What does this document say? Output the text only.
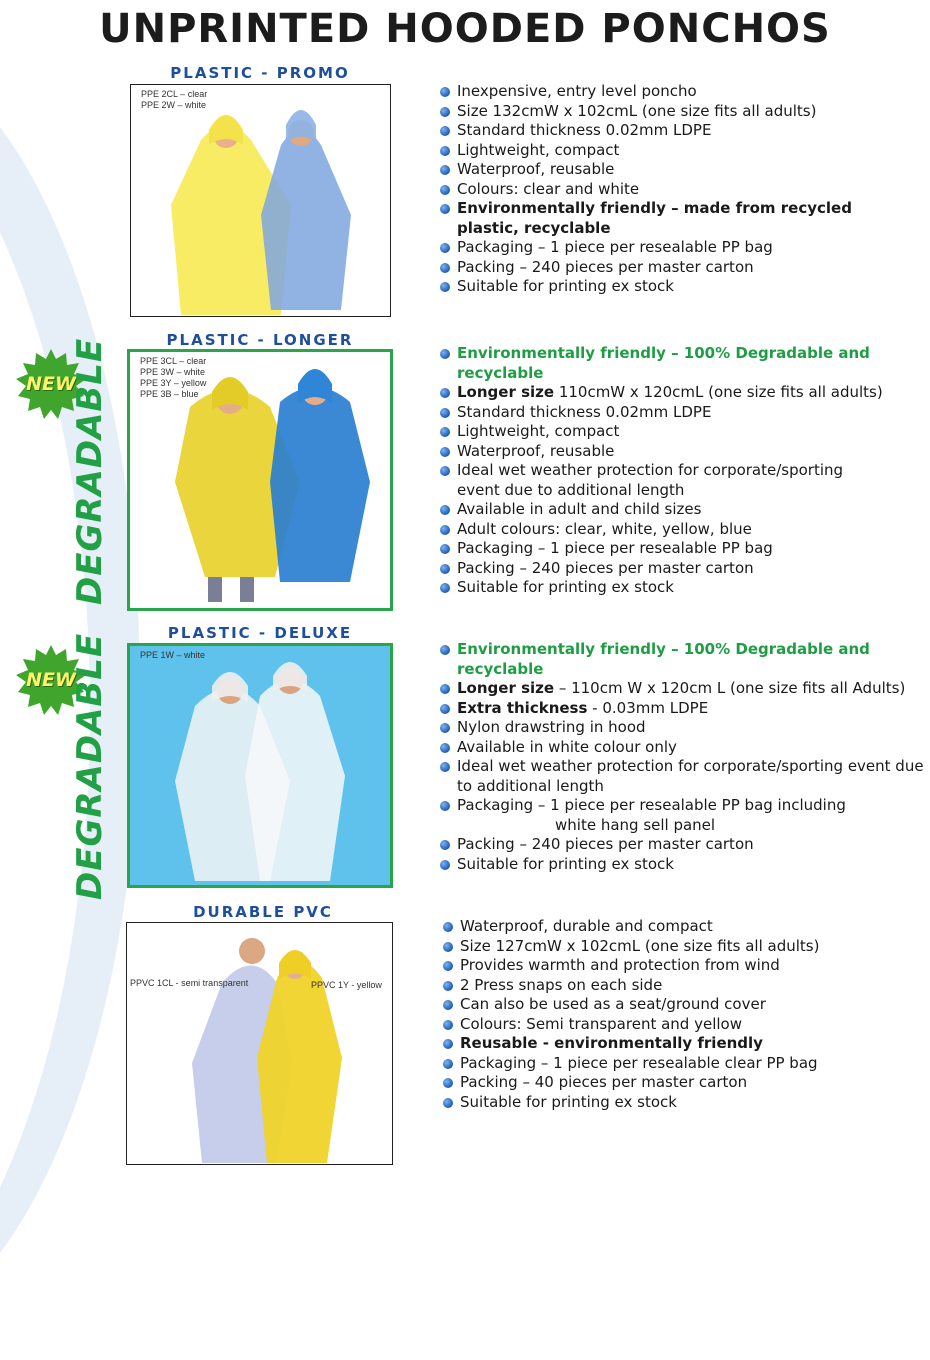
UNPRINTED HOODED PONCHOS
PLASTIC - PROMO
PPE 2CL – clear
PPE 2W – white
Inexpensive, entry level poncho
Size 132cmW x 102cmL (one size fits all adults)
Standard thickness 0.02mm LDPE
Lightweight, compact
Waterproof, reusable
Colours: clear and white
Environmentally friendly – made from recycled plastic, recyclable
Packaging – 1 piece per resealable PP bag
Packing – 240 pieces per master carton
Suitable for printing ex stock
PLASTIC - LONGER
NEW
DEGRADABLE	PPE 3CL – clear
PPE 3W – white
PPE 3Y – yellow
PPE 3B – blue
Environmentally friendly – 100% Degradable and recyclable
Longer size 110cmW x 120cmL (one size fits all adults)
Standard thickness 0.02mm LDPE
Lightweight, compact
Waterproof, reusable
Ideal wet weather protection for corporate/sporting event due to additional length
Available in adult and child sizes
Adult colours: clear, white, yellow, blue
Packaging – 1 piece per resealable PP bag
Packing – 240 pieces per master carton
Suitable for printing ex stock
PLASTIC - DELUXE
NEW
DEGRADABLE	PPE 1W – white	Environmentally friendly – 100% Degradable and recyclable
Longer size – 110cm W x 120cm L (one size fits all Adults)
Extra thickness - 0.03mm LDPE
Nylon drawstring in hood
Available in white colour only
Ideal wet weather protection for corporate/sporting event due to additional length
Packaging – 1 piece per resealable PP bag including
white hang sell panel
Packing – 240 pieces per master carton
Suitable for printing ex stock
DURABLE PVC
PPVC 1CL - semi transparent	PPVC 1Y - yellow
Waterproof, durable and compact
Size 127cmW x 102cmL (one size fits all adults)
Provides warmth and protection from wind
2 Press snaps on each side
Can also be used as a seat/ground cover
Colours: Semi transparent and yellow
Reusable - environmentally friendly
Packaging – 1 piece per resealable clear PP bag
Packing – 40 pieces per master carton
Suitable for printing ex stock
